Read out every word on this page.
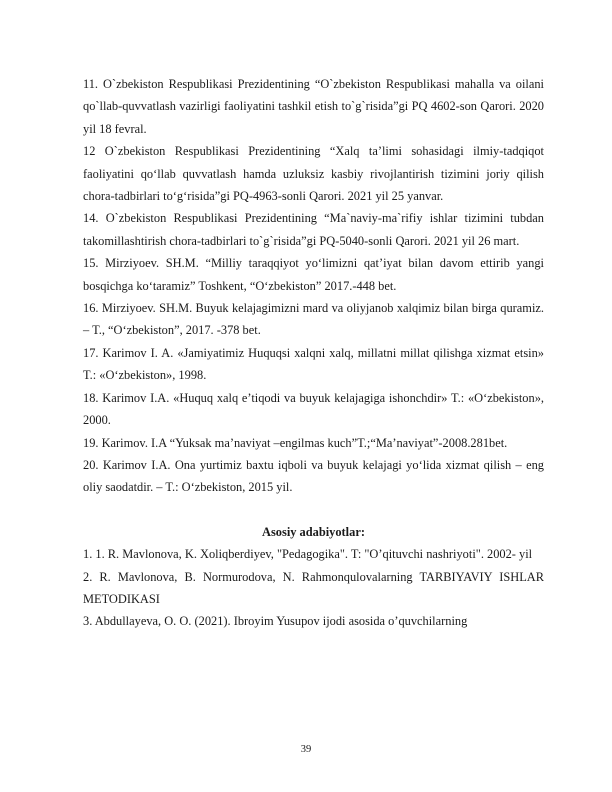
11. O`zbekiston Respublikasi Prezidentining “O`zbekiston Respublikasi mahalla va oilani qo`llab-quvvatlash vazirligi faoliyatini tashkil etish to`g`risida”gi PQ 4602-son Qarori. 2020 yil 18 fevral.

12 O`zbekiston Respublikasi Prezidentining “Xalq ta’limi sohasidagi ilmiy-tadqiqot faoliyatini qo‘llab quvvatlash hamda uzluksiz kasbiy rivojlantirish tizimini joriy qilish chora-tadbirlari to‘g‘risida”gi PQ-4963-sonli Qarori. 2021 yil 25 yanvar.

14. O`zbekiston Respublikasi Prezidentining “Ma`naviy-ma`rifiy ishlar tizimini tubdan takomillashtirish chora-tadbirlari to`g`risida”gi PQ-5040-sonli Qarori. 2021 yil 26 mart.

15. Mirziyoev. SH.M. “Milliy taraqqiyot yo‘limizni qat’iyat bilan davom ettirib yangi bosqichga ko‘taramiz” Toshkent, “O‘zbekiston” 2017.-448 bet.

16. Mirziyoev. SH.M. Buyuk kelajagimizni mard va oliyjanob xalqimiz bilan birga quramiz. – T., “O‘zbekiston”, 2017. -378 bet.

17. Karimov I. A. «Jamiyatimiz Huquqsi xalqni xalq, millatni millat qilishga xizmat etsin» T.: «O‘zbekiston», 1998.

18. Karimov I.A. «Huquq xalq e’tiqodi va buyuk kelajagiga ishonchdir» T.: «O‘zbekiston», 2000.

19. Karimov. I.A “Yuksak ma’naviyat –engilmas kuch”T.;“Ma’naviyat”-2008.281bet.

20. Karimov I.A. Ona yurtimiz baxtu iqboli va buyuk kelajagi yo‘lida xizmat qilish – eng oliy saodatdir. – T.: O‘zbekiston, 2015 yil.

Asosiy adabiyotlar:

1. 1. R. Mavlonova, K. Xoliqberdiyev, "Pedagogika". T: "O’qituvchi nashriyoti". 2002- yil

2. R. Mavlonova, B. Normurodova, N. Rahmonqulovalarning TARBIYAVIY ISHLAR METODIKASI

3. Abdullayeva, O. O. (2021). Ibroyim Yusupov ijodi asosida o’quvchilarning

39
